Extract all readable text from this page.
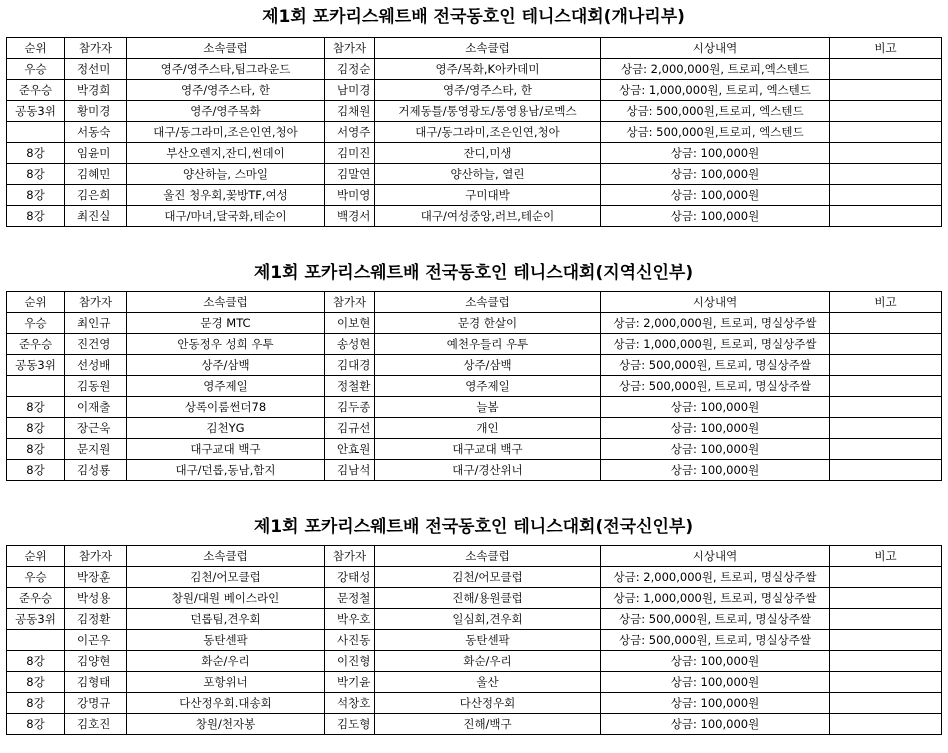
제1회 포카리스웨트배 전국동호인 테니스대회(개나리부)
순위	참가자	소속클럽	참가자	소속클럽	시상내역	비고
우승	정선미	영주/영주스타,팀그라운드	김정순	영주/목화,K아카데미	상금: 2,000,000원, 트로피,엑스텐드	
준우승	박경희	영주/영주스타, 한	남미경	영주/영주스타, 한	상금: 1,000,000원, 트로피, 엑스텐드	
공동3위	황미경	영주/영주목화	김채원	거제동틀/통영광도/통영용남/로멕스	상금: 500,000원,트로피, 엑스텐드	
	서동숙	대구/동그라미,조은인연,청아	서영주	대구/동그라미,조은인연,청아	상금: 500,000원,트로피, 엑스텐드	
8강	임윤미	부산오렌지,잔디,썬데이	김미진	잔디,미생	상금: 100,000원	
8강	김혜민	양산하늘, 스마일	김말연	양산하늘, 열린	상금: 100,000원	
8강	김은희	울진 청우회,꽃방TF,여성	박미영	구미대박	상금: 100,000원	
8강	최진실	대구/마녀,달국화,테순이	백경서	대구/여성중앙,러브,테순이	상금: 100,000원	
제1회 포카리스웨트배 전국동호인 테니스대회(지역신인부)
순위	참가자	소속클럽	참가자	소속클럽	시상내역	비고
우승	최인규	문경 MTC	이보현	문경 한살이	상금: 2,000,000원, 트로피, 명실상주쌀	
준우승	진건영	안동정우 성희 우투	송성현	예천우들리 우투	상금: 1,000,000원, 트로피, 명실상주쌀	
공동3위	선성배	상주/삼백	김대경	상주/삼백	상금: 500,000원, 트로피, 명실상주쌀	
	김동원	영주제일	정철환	영주제일	상금: 500,000원, 트로피, 명실상주쌀	
8강	이재출	상록이룸썬더78	김두종	늘봄	상금: 100,000원	
8강	장근욱	김천YG	김규선	개인	상금: 100,000원	
8강	문지원	대구교대 백구	안효원	대구교대 백구	상금: 100,000원	
8강	김성룡	대구/던롭,동남,함지	김남석	대구/경산위너	상금: 100,000원	
제1회 포카리스웨트배 전국동호인 테니스대회(전국신인부)
순위	참가자	소속클럽	참가자	소속클럽	시상내역	비고
우승	박장훈	김천/어모클럽	강태성	김천/어모클럽	상금: 2,000,000원, 트로피, 명실상주쌀	
준우승	박성용	창원/대원 베이스라인	문정철	진해/용원클럽	상금: 1,000,000원, 트로피, 명실상주쌀	
공동3위	김정환	던롭팀,견우회	박우호	일심회,견우회	상금: 500,000원, 트로피, 명실상주쌀	
	이곤우	동탄센팍	사진동	동탄센팍	상금: 500,000원, 트로피, 명실상주쌀	
8강	김양현	화순/우리	이진형	화순/우리	상금: 100,000원	
8강	김형태	포항위너	박기윤	울산	상금: 100,000원	
8강	강명규	다산정우회.대송회	석창호	다산정우회	상금: 100,000원	
8강	김호진	창원/천자봉	김도형	진해/백구	상금: 100,000원	
